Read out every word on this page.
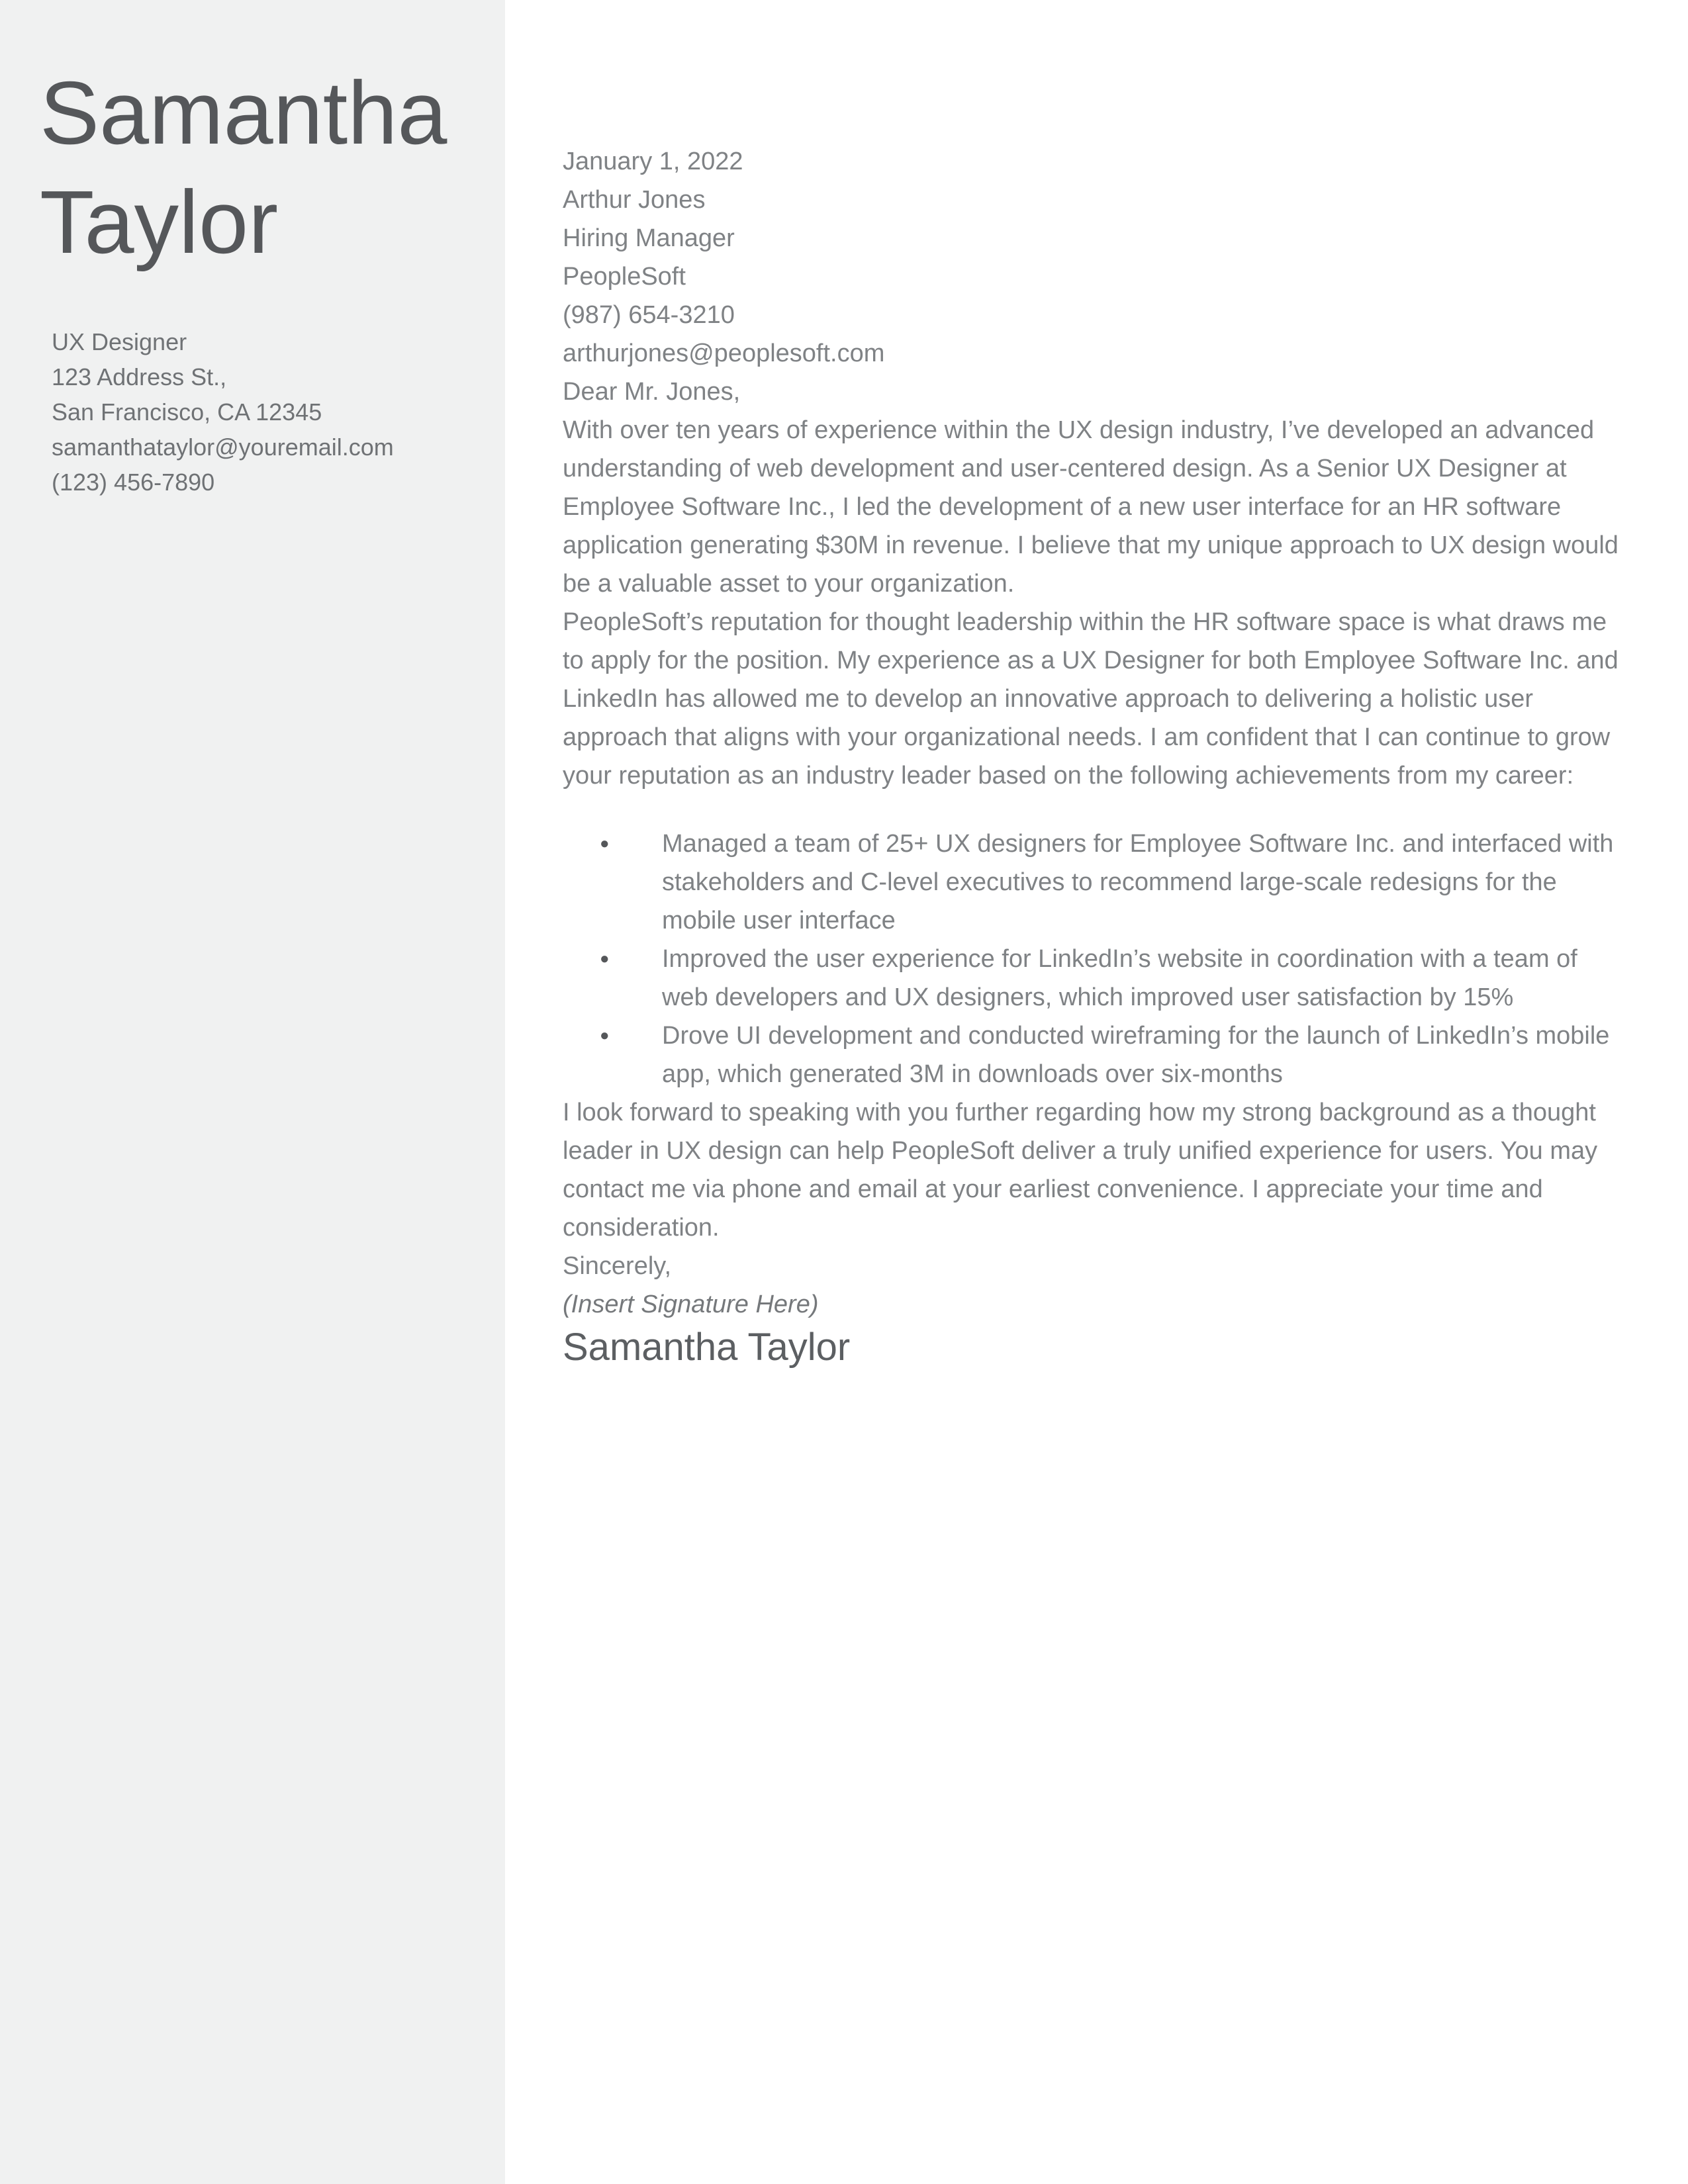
Samantha
Taylor
UX Designer
123 Address St.,
San Francisco, CA 12345
samanthataylor@youremail.com
(123) 456-7890

January 1, 2022

Arthur Jones
Hiring Manager
PeopleSoft
(987) 654-3210
arthurjones@peoplesoft.com

Dear Mr. Jones,

With over ten years of experience within the UX design industry, I’ve developed an advanced understanding of web development and user-centered design. As a Senior UX Designer at Employee Software Inc., I led the development of a new user interface for an HR software application generating $30M in revenue. I believe that my unique approach to UX design would be a valuable asset to your organization.

PeopleSoft’s reputation for thought leadership within the HR software space is what draws me to apply for the position. My experience as a UX Designer for both Employee Software Inc. and LinkedIn has allowed me to develop an innovative approach to delivering a holistic user approach that aligns with your organizational needs. I am confident that I can continue to grow your reputation as an industry leader based on the following achievements from my career:

● Managed a team of 25+ UX designers for Employee Software Inc. and interfaced with stakeholders and C-level executives to recommend large-scale redesigns for the mobile user interface
● Improved the user experience for LinkedIn’s website in coordination with a team of web developers and UX designers, which improved user satisfaction by 15%
● Drove UI development and conducted wireframing for the launch of LinkedIn’s mobile app, which generated 3M in downloads over six-months

I look forward to speaking with you further regarding how my strong background as a thought leader in UX design can help PeopleSoft deliver a truly unified experience for users. You may contact me via phone and email at your earliest convenience. I appreciate your time and consideration.

Sincerely,

(Insert Signature Here)

Samantha Taylor
